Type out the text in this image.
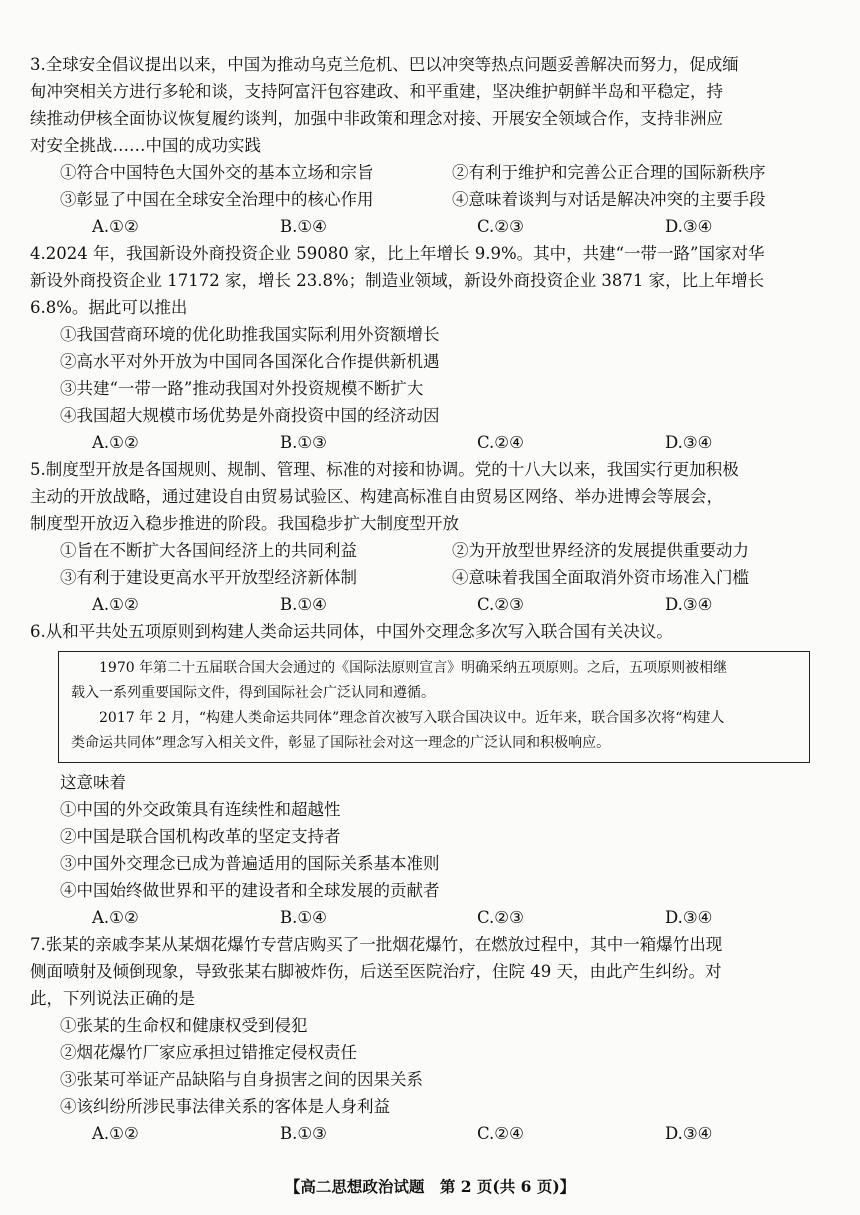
3.全球安全倡议提出以来，中国为推动乌克兰危机、巴以冲突等热点问题妥善解决而努力，促成缅
甸冲突相关方进行多轮和谈，支持阿富汗包容建政、和平重建，坚决维护朝鲜半岛和平稳定，持
续推动伊核全面协议恢复履约谈判，加强中非政策和理念对接、开展安全领域合作，支持非洲应
对安全挑战……中国的成功实践
①符合中国特色大国外交的基本立场和宗旨	②有利于维护和完善公正合理的国际新秩序
③彰显了中国在全球安全治理中的核心作用	④意味着谈判与对话是解决冲突的主要手段
A.①②	B.①④	C.②③	D.③④
4.2024 年，我国新设外商投资企业 59080 家，比上年增长 9.9%。其中，共建“一带一路”国家对华
新设外商投资企业 17172 家，增长 23.8%；制造业领域，新设外商投资企业 3871 家，比上年增长
6.8%。据此可以推出
①我国营商环境的优化助推我国实际利用外资额增长
②高水平对外开放为中国同各国深化合作提供新机遇
③共建“一带一路”推动我国对外投资规模不断扩大
④我国超大规模市场优势是外商投资中国的经济动因
A.①②	B.①③	C.②④	D.③④
5.制度型开放是各国规则、规制、管理、标准的对接和协调。党的十八大以来，我国实行更加积极
主动的开放战略，通过建设自由贸易试验区、构建高标准自由贸易区网络、举办进博会等展会，
制度型开放迈入稳步推进的阶段。我国稳步扩大制度型开放
①旨在不断扩大各国间经济上的共同利益	②为开放型世界经济的发展提供重要动力
③有利于建设更高水平开放型经济新体制	④意味着我国全面取消外资市场准入门槛
A.①②	B.①④	C.②③	D.③④
6.从和平共处五项原则到构建人类命运共同体，中国外交理念多次写入联合国有关决议。
1970 年第二十五届联合国大会通过的《国际法原则宣言》明确采纳五项原则。之后，五项原则被相继
载入一系列重要国际文件，得到国际社会广泛认同和遵循。
2017 年 2 月，“构建人类命运共同体”理念首次被写入联合国决议中。近年来，联合国多次将“构建人
类命运共同体”理念写入相关文件，彰显了国际社会对这一理念的广泛认同和积极响应。
这意味着
①中国的外交政策具有连续性和超越性
②中国是联合国机构改革的坚定支持者
③中国外交理念已成为普遍适用的国际关系基本准则
④中国始终做世界和平的建设者和全球发展的贡献者
A.①②	B.①④	C.②③	D.③④
7.张某的亲戚李某从某烟花爆竹专营店购买了一批烟花爆竹，在燃放过程中，其中一箱爆竹出现
侧面喷射及倾倒现象，导致张某右脚被炸伤，后送至医院治疗，住院 49 天，由此产生纠纷。对
此，下列说法正确的是
①张某的生命权和健康权受到侵犯
②烟花爆竹厂家应承担过错推定侵权责任
③张某可举证产品缺陷与自身损害之间的因果关系
④该纠纷所涉民事法律关系的客体是人身利益
A.①②	B.①③	C.②④	D.③④
【高二思想政治试题　第 2 页(共 6 页)】
